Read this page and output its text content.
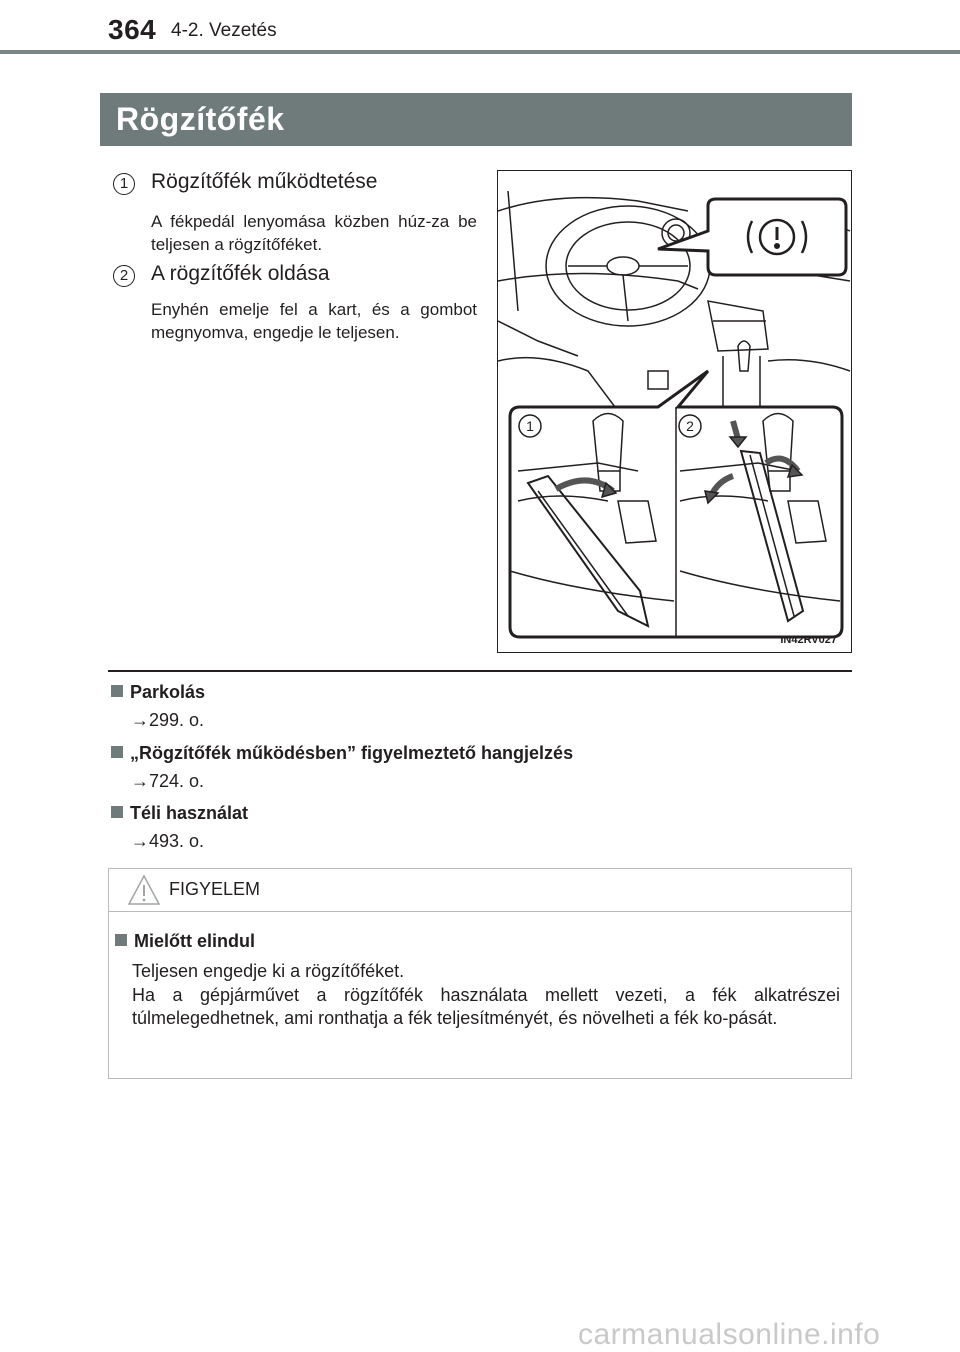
364 4-2. Vezetés
Rögzítőfék
1	Rögzítőfék működtetése
A fékpedál lenyomása közben húz-za be teljesen a rögzítőféket.
2	A rögzítőfék oldása
Enyhén emelje fel a kart, és a gombot megnyomva, engedje le teljesen.
1	2
IN42RV027
Parkolás
→299. o.
„Rögzítőfék működésben” figyelmeztető hangjelzés
→724. o.
Téli használat
→493. o.
FIGYELEM
Mielőtt elindul

Teljesen engedje ki a rögzítőféket.

Ha a gépjárművet a rögzítőfék használata mellett vezeti, a fék alkatrészei túlmelegedhetnek, ami ronthatja a fék teljesítményét, és növelheti a fék ko-pását.

carmanualsonline.info
